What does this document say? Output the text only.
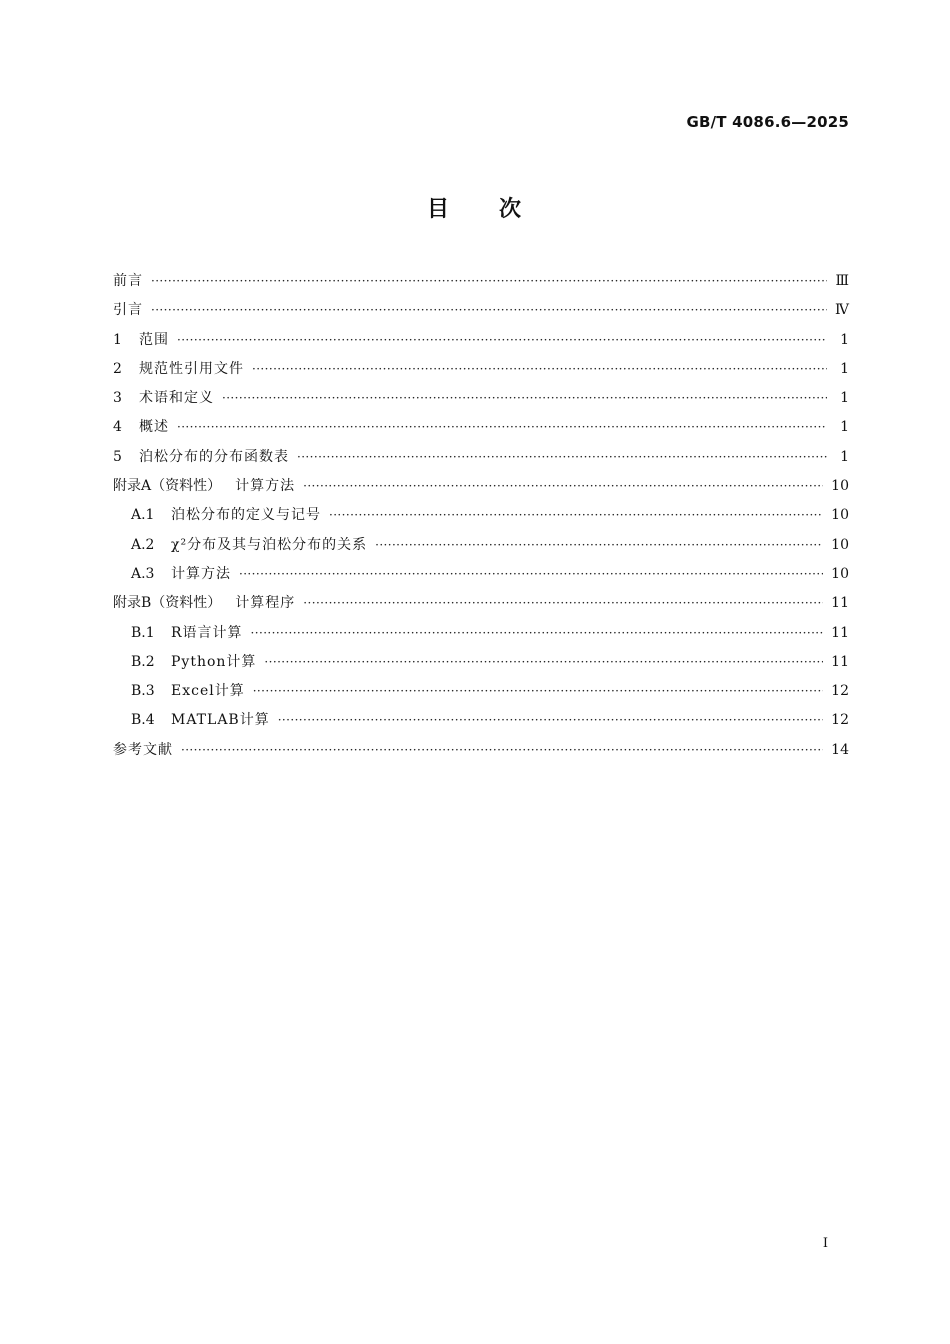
GB/T 4086.6—2025
目　　次
前言 ·····	Ⅲ
引言 ·····	Ⅳ
1	范围 ·····	1
2	规范性引用文件 ·····	1
3	术语和定义 ·····	1
4	概述 ·····	1
5	泊松分布的分布函数表 ·····	1
附录A（资料性） 计算方法 ·····	10
A.1	泊松分布的定义与记号 ·····	10
A.2	χ²分布及其与泊松分布的关系 ·····	10
A.3	计算方法 ·····	10
附录B（资料性） 计算程序 ·····	11
B.1	R语言计算 ·····	11
B.2	Python计算 ·····	11
B.3	Excel计算 ·····	12
B.4	MATLAB计算 ·····	12
参考文献 ·····	14
I
